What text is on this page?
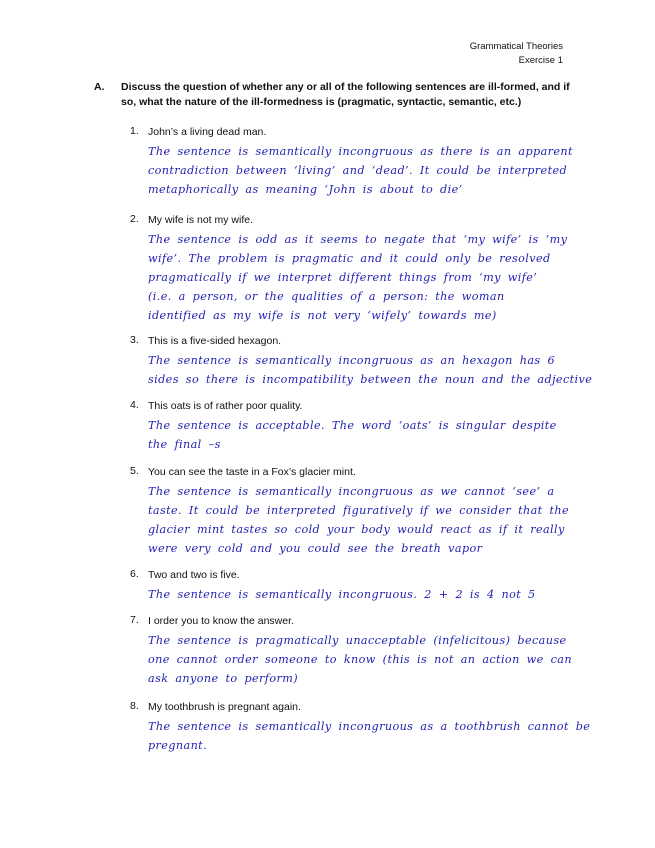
Grammatical Theories
Exercise 1
A. Discuss the question of whether any or all of the following sentences are ill-formed, and if so, what the nature of the ill-formedness is (pragmatic, syntactic, semantic, etc.)
1. John’s a living dead man.
The sentence is semantically incongruous as there is an apparent
contradiction between ‘living’ and ‘dead’. It could be interpreted
metaphorically as meaning ‘John is about to die’
2. My wife is not my wife.
The sentence is odd as it seems to negate that ‘my wife’ is ‘my
wife’. The problem is pragmatic and it could only be resolved
pragmatically if we interpret different things from ‘my wife’
(i.e. a person, or the qualities of a person: the woman
identified as my wife is not very ‘wifely’ towards me)
3. This is a five-sided hexagon.
The sentence is semantically incongruous as an hexagon has 6
sides so there is incompatibility between the noun and the adjective
4. This oats is of rather poor quality.
The sentence is acceptable. The word ‘oats’ is singular despite
the final –s
5. You can see the taste in a Fox’s glacier mint.
The sentence is semantically incongruous as we cannot ‘see’ a
taste. It could be interpreted figuratively if we consider that the
glacier mint tastes so cold your body would react as if it really
were very cold and you could see the breath vapor
6. Two and two is five.
The sentence is semantically incongruous. 2 + 2 is 4 not 5
7. I order you to know the answer.
The sentence is pragmatically unacceptable (infelicitous) because
one cannot order someone to know (this is not an action we can
ask anyone to perform)
8. My toothbrush is pregnant again.
The sentence is semantically incongruous as a toothbrush cannot be
pregnant.
